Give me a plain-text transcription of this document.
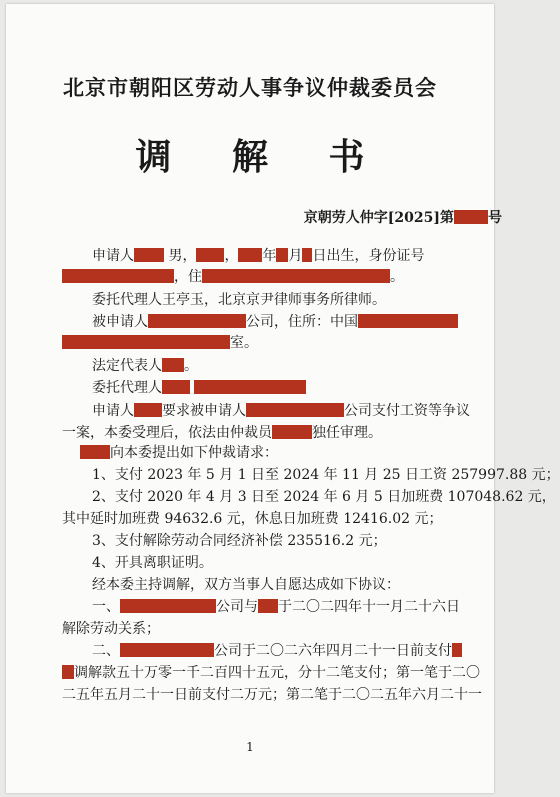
北京市朝阳区劳动人事争议仲裁委员会
调 解 书
京朝劳人仲字[2025]第 号
申请人 男， ， 年 月 日出生，身份证号
，住	。
委托代理人王亭玉，北京京尹律师事务所律师。
被申请人	公司，住所：中国
室。
法定代表人 。
委托代理人
申请人 要求被申请人	公司支付工资等争议
一案，本委受理后，依法由仲裁员	独任审理。
向本委提出如下仲裁请求：
1、支付 2023 年 5 月 1 日至 2024 年 11 月 25 日工资 257997.88 元；
2、支付 2020 年 4 月 3 日至 2024 年 6 月 5 日加班费 107048.62 元，
其中延时加班费 94632.6 元，休息日加班费 12416.02 元；
3、支付解除劳动合同经济补偿 235516.2 元；
4、开具离职证明。
经本委主持调解，双方当事人自愿达成如下协议：
一、	公司与 于二〇二四年十一月二十六日
解除劳动关系；
二、	公司于二〇二六年四月二十一日前支付
调解款五十万零一千二百四十五元，分十二笔支付；第一笔于二〇
二五年五月二十一日前支付二万元；第二笔于二〇二五年六月二十一
1
